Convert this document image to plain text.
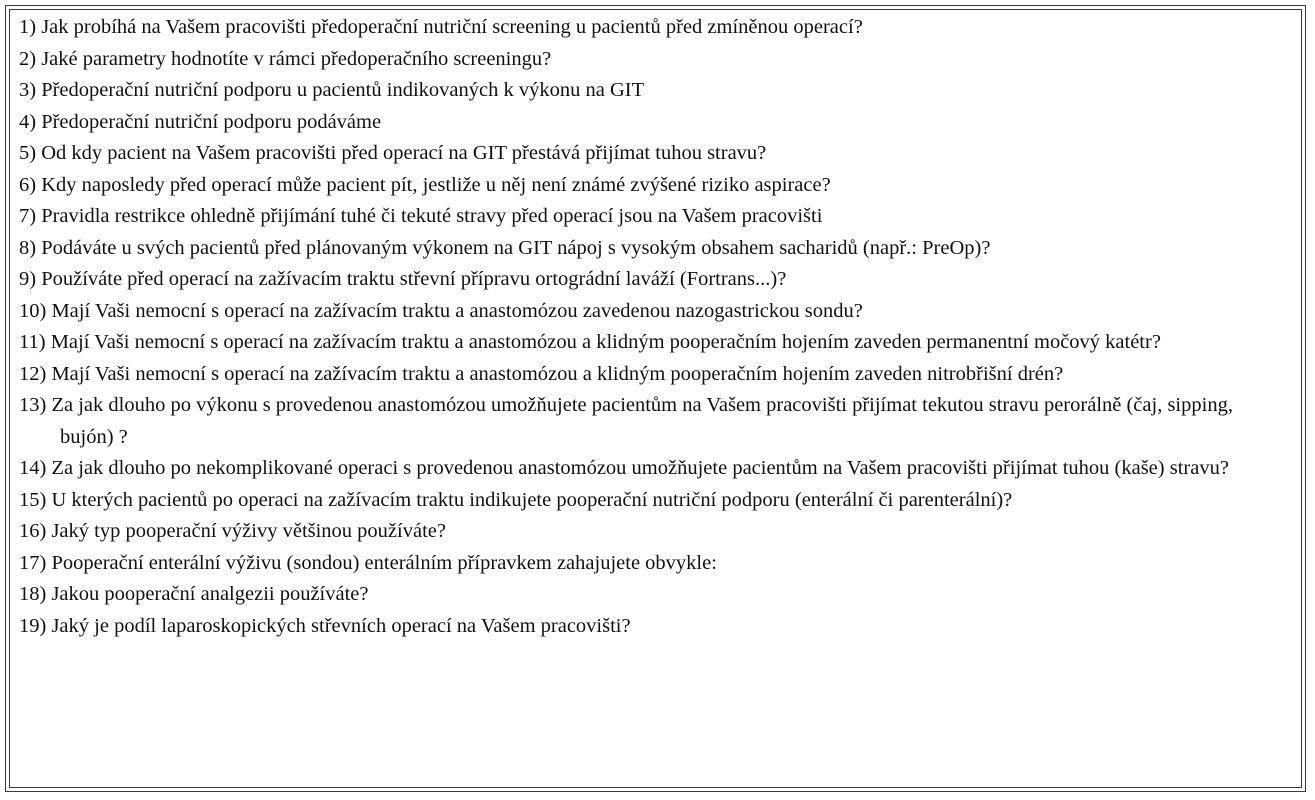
1) Jak probíhá na Vašem pracovišti předoperační nutriční screening u pacientů před zmíněnou operací?
2) Jaké parametry hodnotíte v rámci předoperačního screeningu?
3) Předoperační nutriční podporu u pacientů indikovaných k výkonu na GIT
4) Předoperační nutriční podporu podáváme
5) Od kdy pacient na Vašem pracovišti před operací na GIT přestává přijímat tuhou stravu?
6) Kdy naposledy před operací může pacient pít, jestliže u něj není známé zvýšené riziko aspirace?
7) Pravidla restrikce ohledně přijímání tuhé či tekuté stravy před operací jsou na Vašem pracovišti
8) Podáváte u svých pacientů před plánovaným výkonem na GIT nápoj s vysokým obsahem sacharidů (např.: PreOp)?
9) Používáte před operací na zažívacím traktu střevní přípravu ortográdní laváží (Fortrans...)?
10) Mají Vaši nemocní s operací na zažívacím traktu a anastomózou zavedenou nazogastrickou sondu?
11) Mají Vaši nemocní s operací na zažívacím traktu a anastomózou a klidným pooperačním hojením zaveden permanentní močový katétr?
12) Mají Vaši nemocní s operací na zažívacím traktu a anastomózou a klidným pooperačním hojením zaveden nitrobřišní drén?
13) Za jak dlouho po výkonu s provedenou anastomózou umožňujete pacientům na Vašem pracovišti přijímat tekutou stravu perorálně (čaj, sipping, bujón) ?
14) Za jak dlouho po nekomplikované operaci s provedenou anastomózou umožňujete pacientům na Vašem pracovišti přijímat tuhou (kaše) stravu?
15) U kterých pacientů po operaci na zažívacím traktu indikujete pooperační nutriční podporu (enterální či parenterální)?
16) Jaký typ pooperační výživy většinou používáte?
17) Pooperační enterální výživu (sondou) enterálním přípravkem zahajujete obvykle:
18) Jakou pooperační analgezii používáte?
19) Jaký je podíl laparoskopických střevních operací na Vašem pracovišti?
